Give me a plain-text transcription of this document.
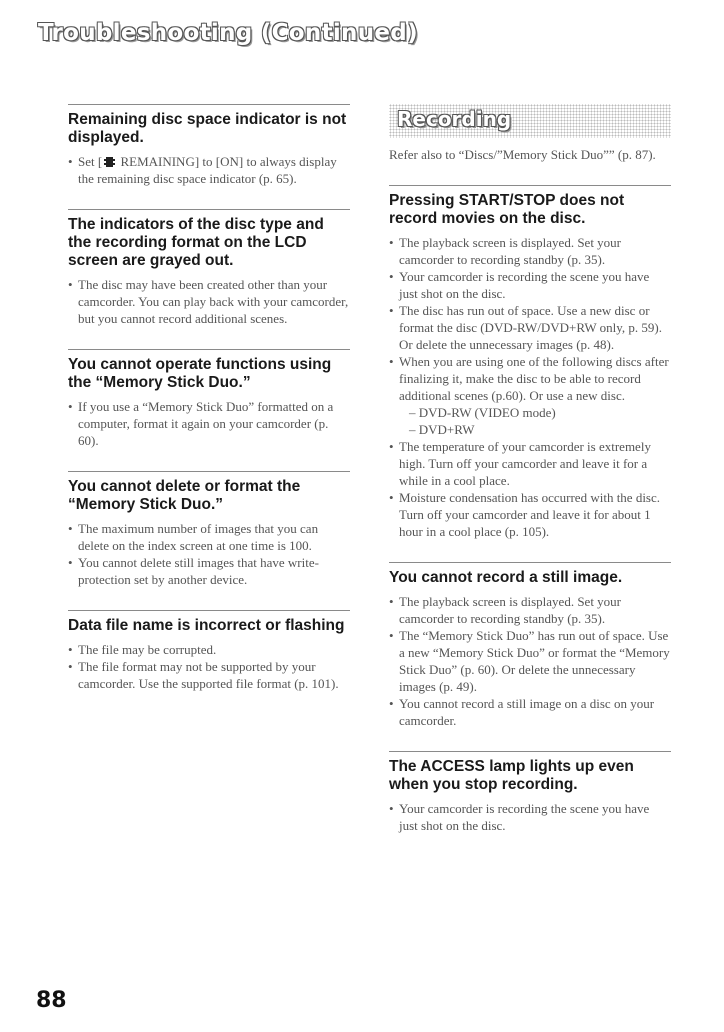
Troubleshooting (Continued)
Remaining disc space indicator is not displayed.
• Set [ REMAINING] to [ON] to always display the remaining disc space indicator (p. 65).
The indicators of the disc type and the recording format on the LCD screen are grayed out.
• The disc may have been created other than your camcorder. You can play back with your camcorder, but you cannot record additional scenes.
You cannot operate functions using the “Memory Stick Duo.”
• If you use a “Memory Stick Duo” formatted on a computer, format it again on your camcorder (p. 60).
You cannot delete or format the “Memory Stick Duo.”
• The maximum number of images that you can delete on the index screen at one time is 100.
• You cannot delete still images that have write-protection set by another device.
Data file name is incorrect or flashing
• The file may be corrupted.
• The file format may not be supported by your camcorder. Use the supported file format (p. 101).
Recording

Refer also to “Discs/”Memory Stick Duo”” (p. 87).

Pressing START/STOP does not record movies on the disc.
• The playback screen is displayed. Set your camcorder to recording standby (p. 35).
• Your camcorder is recording the scene you have just shot on the disc.
• The disc has run out of space. Use a new disc or format the disc (DVD-RW/DVD+RW only, p. 59). Or delete the unnecessary images (p. 48).
• When you are using one of the following discs after finalizing it, make the disc to be able to record additional scenes (p.60). Or use a new disc.
– DVD-RW (VIDEO mode)
– DVD+RW
• The temperature of your camcorder is extremely high. Turn off your camcorder and leave it for a while in a cool place.
• Moisture condensation has occurred with the disc. Turn off your camcorder and leave it for about 1 hour in a cool place (p. 105).
You cannot record a still image.
• The playback screen is displayed. Set your camcorder to recording standby (p. 35).
• The “Memory Stick Duo” has run out of space. Use a new “Memory Stick Duo” or format the “Memory Stick Duo” (p. 60). Or delete the unnecessary images (p. 49).
• You cannot record a still image on a disc on your camcorder.
The ACCESS lamp lights up even when you stop recording.
• Your camcorder is recording the scene you have just shot on the disc.
88
